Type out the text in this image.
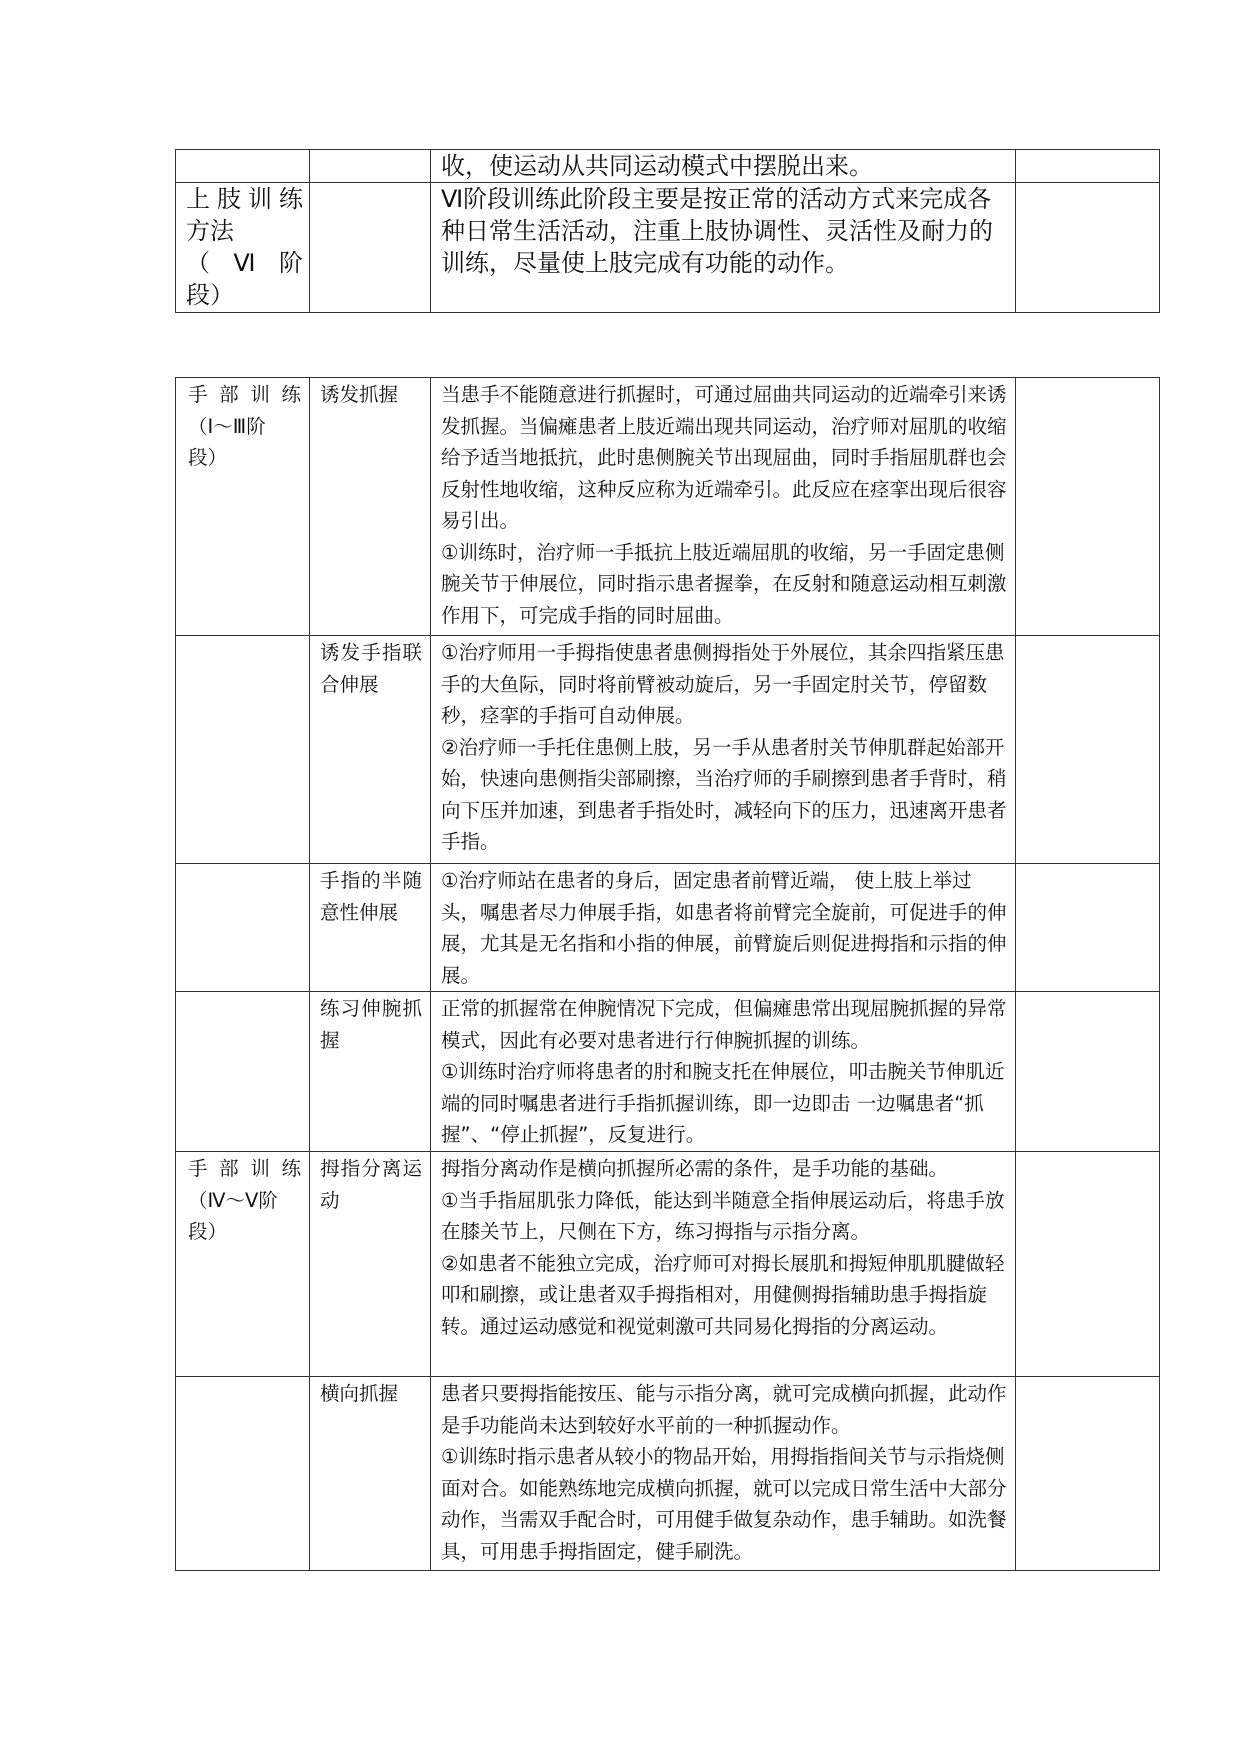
		收，使运动从共同运动模式中摆脱出来。	

上肢训练
方法
（ Ⅵ 阶
段）		Ⅵ阶段训练此阶段主要是按正常的活动方式来完成各种日常生活活动，注重上肢协调性、灵活性及耐力的训练，尽量使上肢完成有功能的动作。	
手部训练
（Ⅰ～Ⅲ阶
段）	诱发抓握	当患手不能随意进行抓握时，可通过屈曲共同运动的近端牵引来诱发抓握。当偏瘫患者上肢近端出现共同运动，治疗师对屈肌的收缩给予适当地抵抗，此时患侧腕关节出现屈曲，同时手指屈肌群也会反射性地收缩，这种反应称为近端牵引。此反应在痉挛出现后很容易引出。
①训练时，治疗师一手抵抗上肢近端屈肌的收缩，另一手固定患侧腕关节于伸展位，同时指示患者握拳，在反射和随意运动相互刺激作用下，可完成手指的同时屈曲。	

	诱发手指联合伸展	①治疗师用一手拇指使患者患侧拇指处于外展位，其余四指紧压患手的大鱼际，同时将前臂被动旋后，另一手固定肘关节，停留数秒，痉挛的手指可自动伸展。
②治疗师一手托住患侧上肢，另一手从患者肘关节伸肌群起始部开始，快速向患侧指尖部刷擦，当治疗师的手刷擦到患者手背时，稍向下压并加速，到患者手指处时，减轻向下的压力，迅速离开患者手指。	

	手指的半随意性伸展	①治疗师站在患者的身后，固定患者前臂近端， 使上肢上举过头，嘱患者尽力伸展手指，如患者将前臂完全旋前，可促进手的伸展，尤其是无名指和小指的伸展，前臂旋后则促进拇指和示指的伸展。	

	练习伸腕抓握	正常的抓握常在伸腕情况下完成，但偏瘫患常出现屈腕抓握的异常模式，因此有必要对患者进行行伸腕抓握的训练。
①训练时治疗师将患者的肘和腕支托在伸展位，叩击腕关节伸肌近端的同时嘱患者进行手指抓握训练，即一边即击 一边嘱患者“抓握”、“停止抓握”，反复进行。	

手部训练
（Ⅳ～Ⅴ阶
段）	拇指分离运动	拇指分离动作是横向抓握所必需的条件，是手功能的基础。
①当手指屈肌张力降低，能达到半随意全指伸展运动后，将患手放在膝关节上，尺侧在下方，练习拇指与示指分离。
②如患者不能独立完成，治疗师可对拇长展肌和拇短伸肌肌腱做轻叩和刷擦，或让患者双手拇指相对，用健侧拇指辅助患手拇指旋转。通过运动感觉和视觉刺激可共同易化拇指的分离运动。	

	横向抓握	患者只要拇指能按压、能与示指分离，就可完成横向抓握，此动作是手功能尚未达到较好水平前的一种抓握动作。
①训练时指示患者从较小的物品开始，用拇指指间关节与示指烧侧面对合。如能熟练地完成横向抓握，就可以完成日常生活中大部分动作，当需双手配合时，可用健手做复杂动作，患手辅助。如洗餐具，可用患手拇指固定，健手刷洗。	
